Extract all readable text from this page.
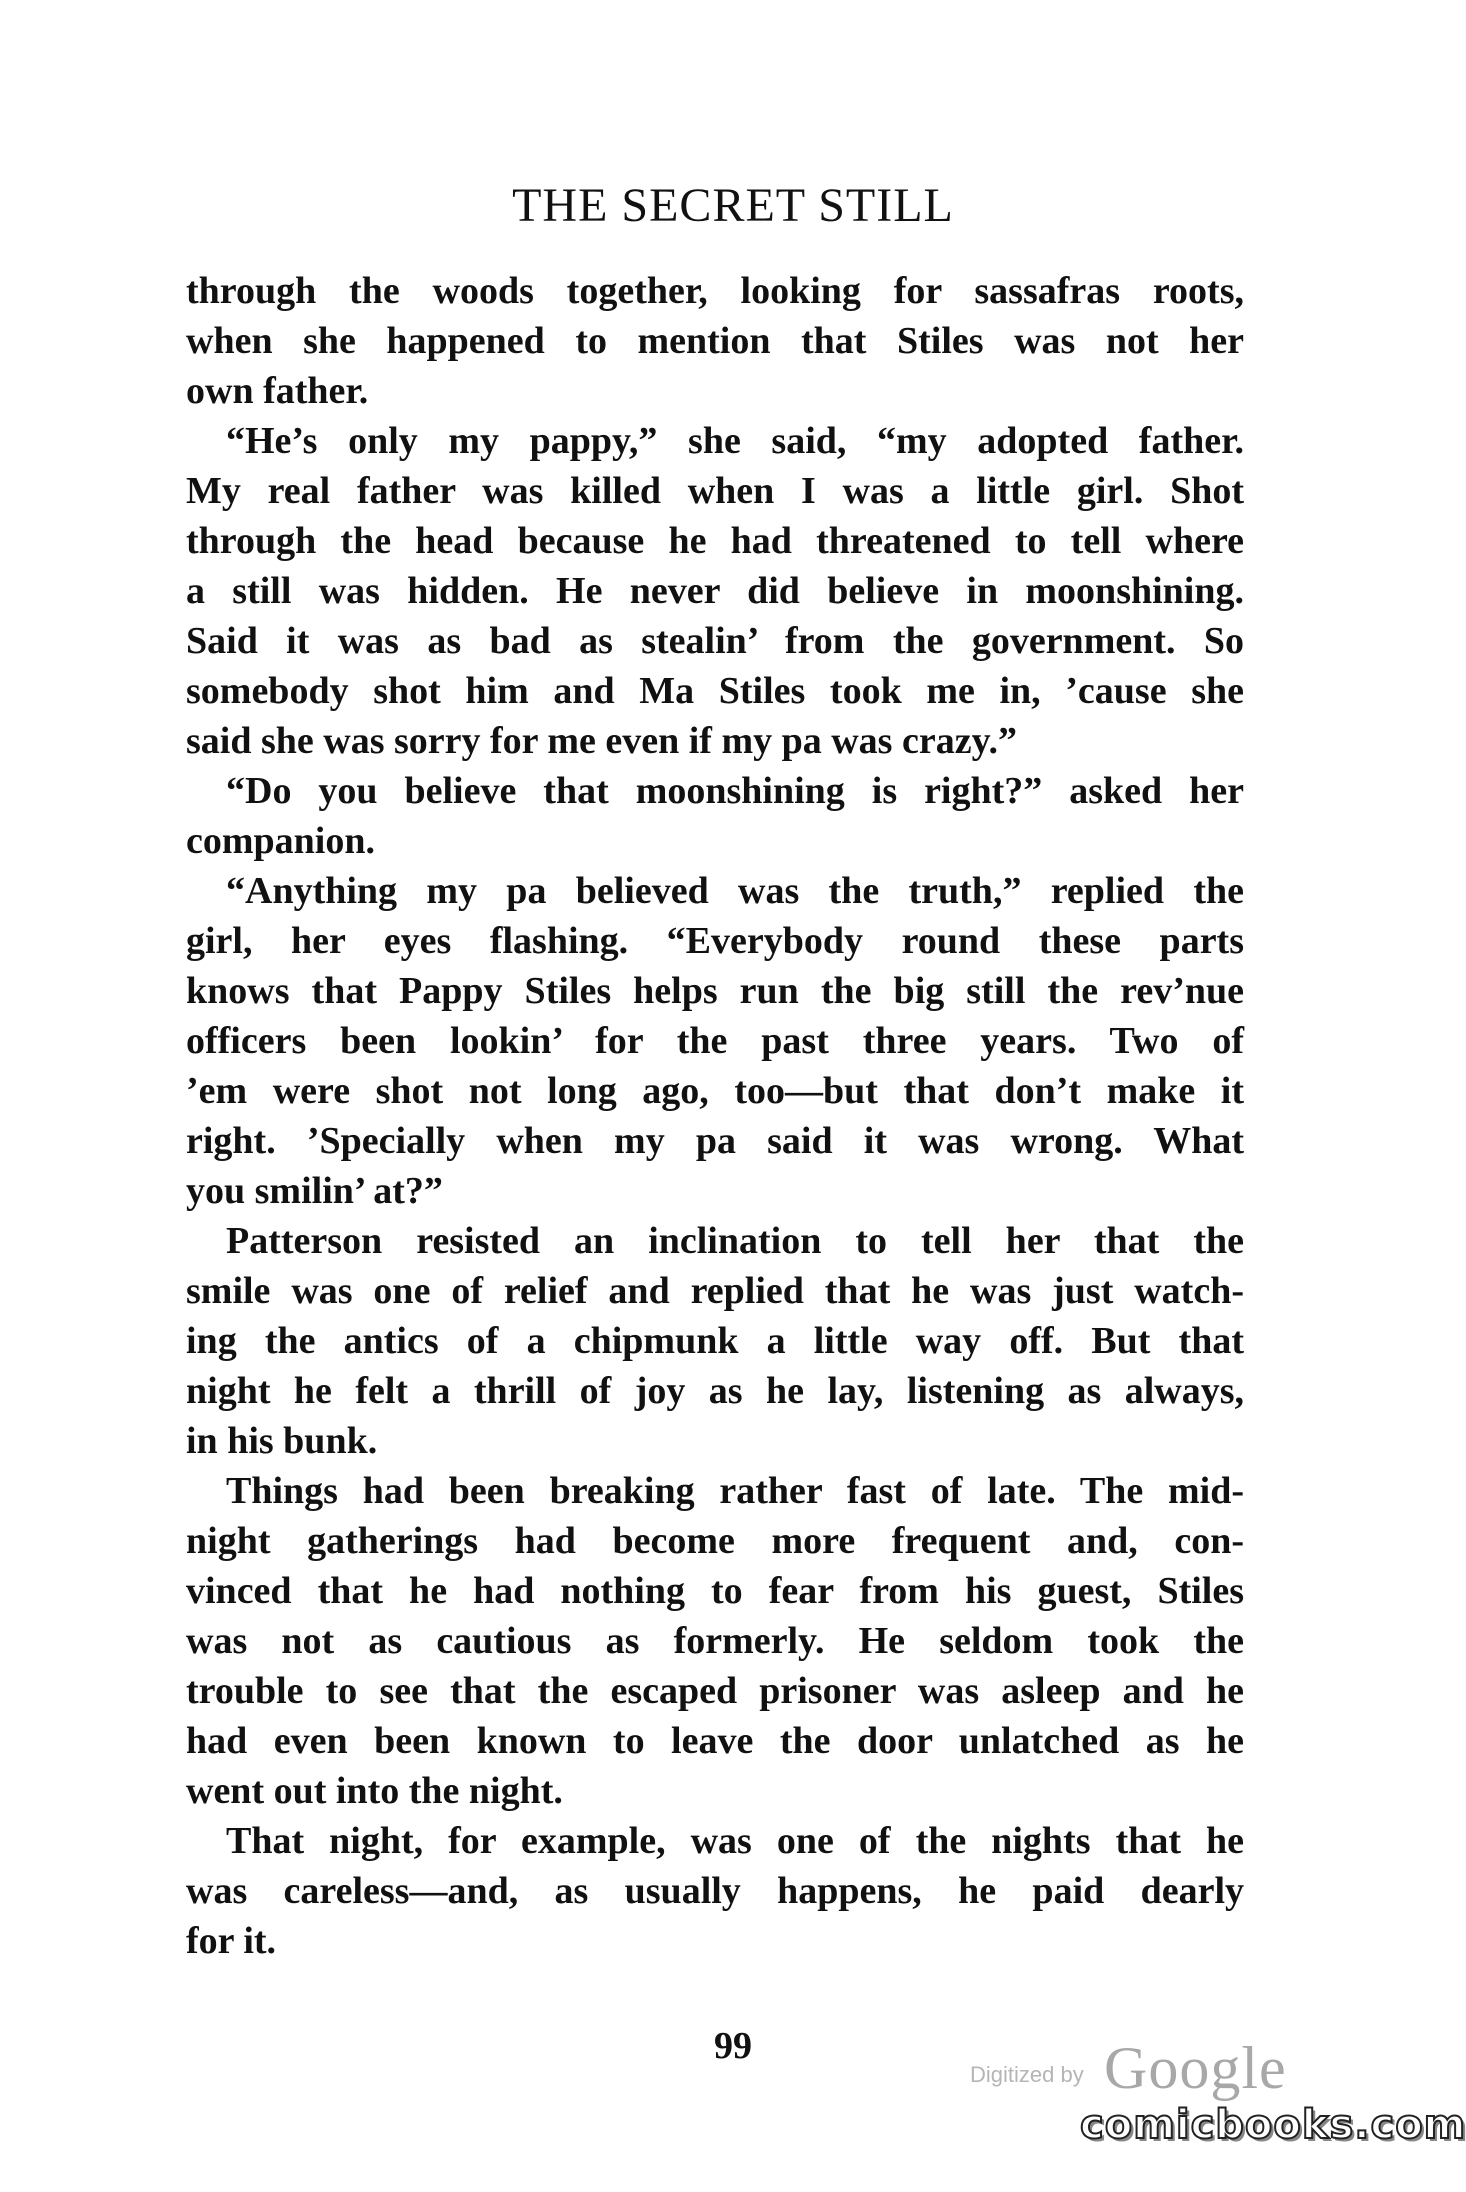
THE SECRET STILL
through the woods together, looking for sassafras roots,
when she happened to mention that Stiles was not her
own father.
“He’s only my pappy,” she said, “my adopted father.
My real father was killed when I was a little girl. Shot
through the head because he had threatened to tell where
a still was hidden. He never did believe in moonshining.
Said it was as bad as stealin’ from the government. So
somebody shot him and Ma Stiles took me in, ’cause she
said she was sorry for me even if my pa was crazy.”
“Do you believe that moonshining is right?” asked her
companion.
“Anything my pa believed was the truth,” replied the
girl, her eyes flashing. “Everybody round these parts
knows that Pappy Stiles helps run the big still the rev’nue
officers been lookin’ for the past three years. Two of
’em were shot not long ago, too—but that don’t make it
right. ’Specially when my pa said it was wrong. What
you smilin’ at?”
Patterson resisted an inclination to tell her that the
smile was one of relief and replied that he was just watch-
ing the antics of a chipmunk a little way off. But that
night he felt a thrill of joy as he lay, listening as always,
in his bunk.
Things had been breaking rather fast of late. The mid-
night gatherings had become more frequent and, con-
vinced that he had nothing to fear from his guest, Stiles
was not as cautious as formerly. He seldom took the
trouble to see that the escaped prisoner was asleep and he
had even been known to leave the door unlatched as he
went out into the night.
That night, for example, was one of the nights that he
was careless—and, as usually happens, he paid dearly
for it.
99
Digitized by Google
comicbooks.com
